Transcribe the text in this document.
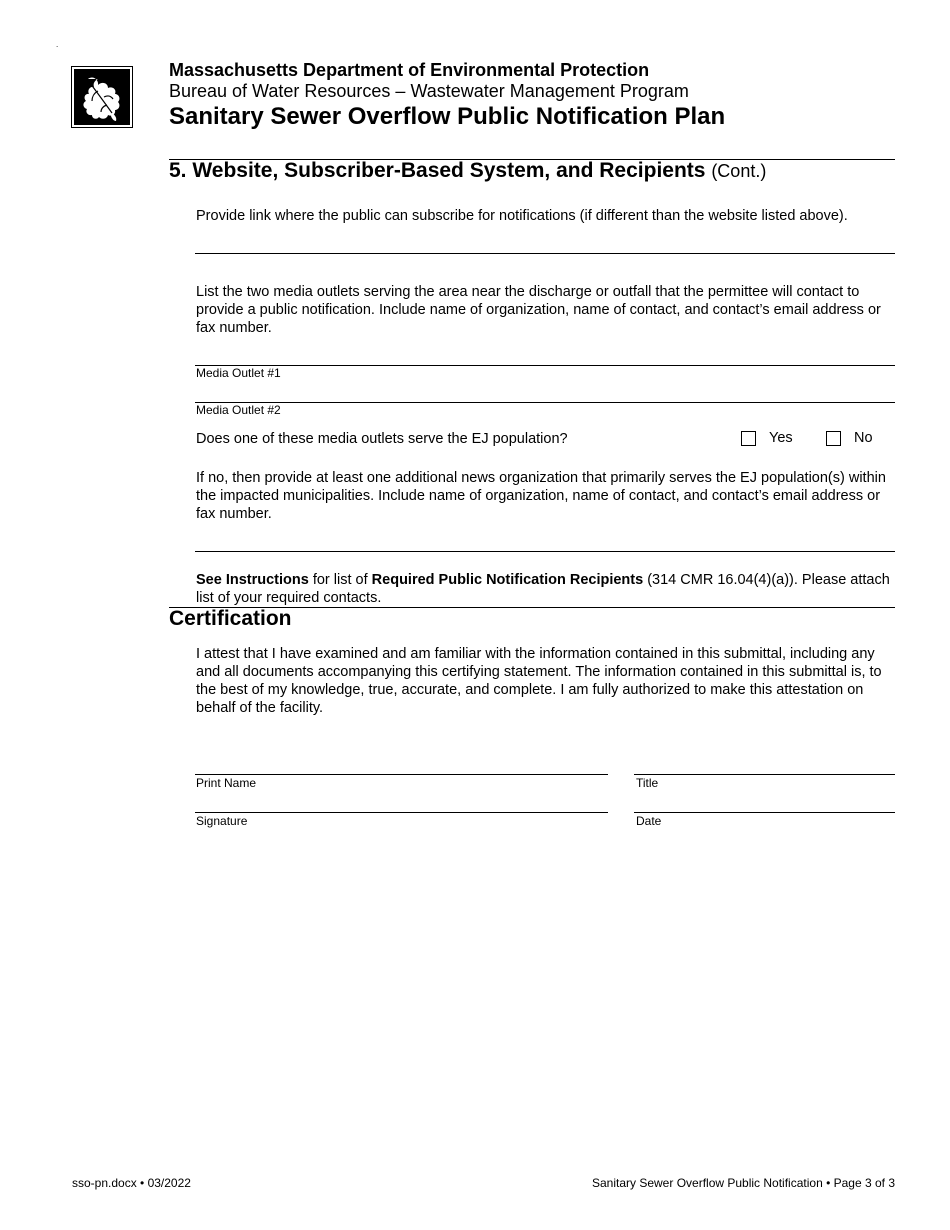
.
Massachusetts Department of Environmental Protection
Bureau of Water Resources – Wastewater Management Program
Sanitary Sewer Overflow Public Notification Plan
5. Website, Subscriber-Based System, and Recipients (Cont.)
Provide link where the public can subscribe for notifications (if different than the website listed above).
List the two media outlets serving the area near the discharge or outfall that the permittee will contact to provide a public notification. Include name of organization, name of contact, and contact’s email address or fax number.
Media Outlet #1
Media Outlet #2
Does one of these media outlets serve the EJ population?	Yes	No
If no, then provide at least one additional news organization that primarily serves the EJ population(s) within the impacted municipalities. Include name of organization, name of contact, and contact’s email address or fax number.
See Instructions for list of Required Public Notification Recipients (314 CMR 16.04(4)(a)). Please attach list of your required contacts.
Certification
I attest that I have examined and am familiar with the information contained in this submittal, including any and all documents accompanying this certifying statement. The information contained in this submittal is, to the best of my knowledge, true, accurate, and complete. I am fully authorized to make this attestation on behalf of the facility.
Print Name	Title
Signature	Date
sso-pn.docx • 03/2022	Sanitary Sewer Overflow Public Notification • Page 3 of 3
